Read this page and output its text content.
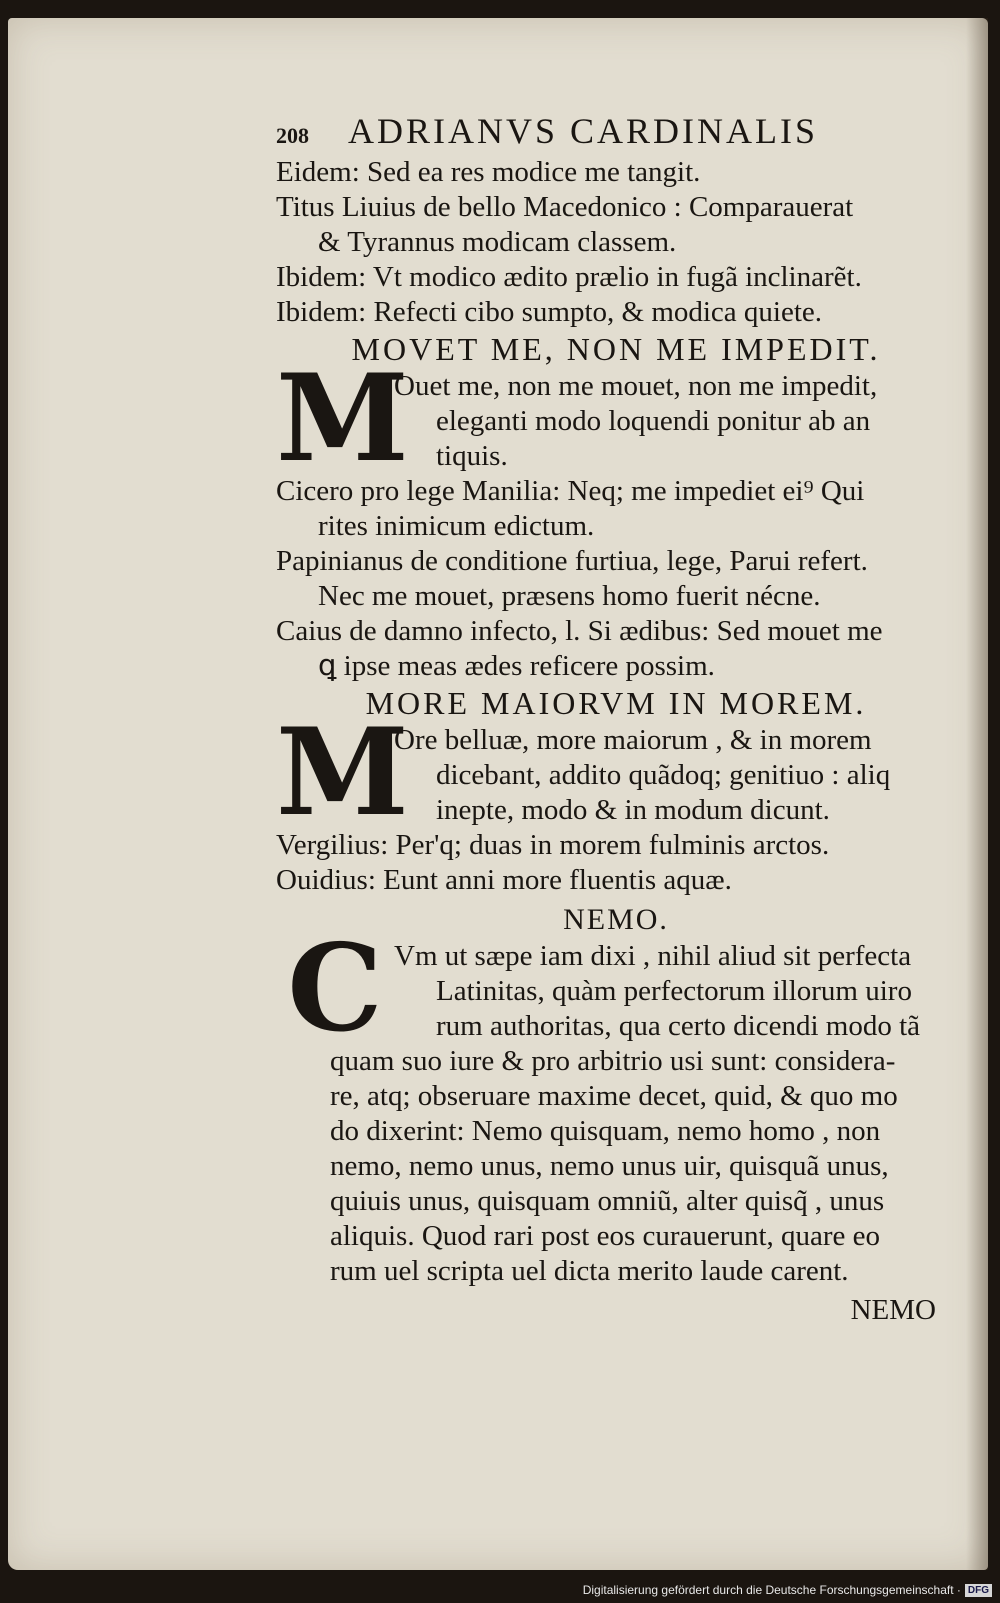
208	ADRIANVS CARDINALIS
Eidem: Sed ea res modice me tangit.
Titus Liuius de bello Macedonico : Comparauerat
& Tyrannus modicam classem.
Ibidem: Vt modico ædito prælio in fugã inclinarẽt.
Ibidem: Refecti cibo sumpto, & modica quiete.
MOVET ME, NON ME IMPEDIT.
M
Ouet me, non me mouet, non me impedit,
eleganti modo loquendi ponitur ab an
tiquis.
Cicero pro lege Manilia: Neq; me impediet ei⁹ Qui
rites inimicum edictum.
Papinianus de conditione furtiua, lege, Parui refert.
Nec me mouet, præsens homo fuerit nécne.
Caius de damno infecto, l. Si ædibus: Sed mouet me
ꝗ ipse meas ædes reficere possim.
MORE MAIORVM IN MOREM.
M
Ore belluæ, more maiorum , & in morem
dicebant, addito quãdoq; genitiuo : aliq
inepte, modo & in modum dicunt.
Vergilius: Per'q; duas in morem fulminis arctos.
Ouidius: Eunt anni more fluentis aquæ.
NEMO.
C Vm ut sæpe iam dixi , nihil aliud sit perfecta
Latinitas, quàm perfectorum illorum uiro
rum authoritas, qua certo dicendi modo tã
quam suo iure & pro arbitrio usi sunt: considera-
re, atq; obseruare maxime decet, quid, & quo mo
do dixerint: Nemo quisquam, nemo homo , non
nemo, nemo unus, nemo unus uir, quisquã unus,
quiuis unus, quisquam omniũ, alter quisq̃ , unus
aliquis. Quod rari post eos curauerunt, quare eo
rum uel scripta uel dicta merito laude carent.
NEMO
Digitalisierung gefördert durch die Deutsche Forschungsgemeinschaft · DFG
